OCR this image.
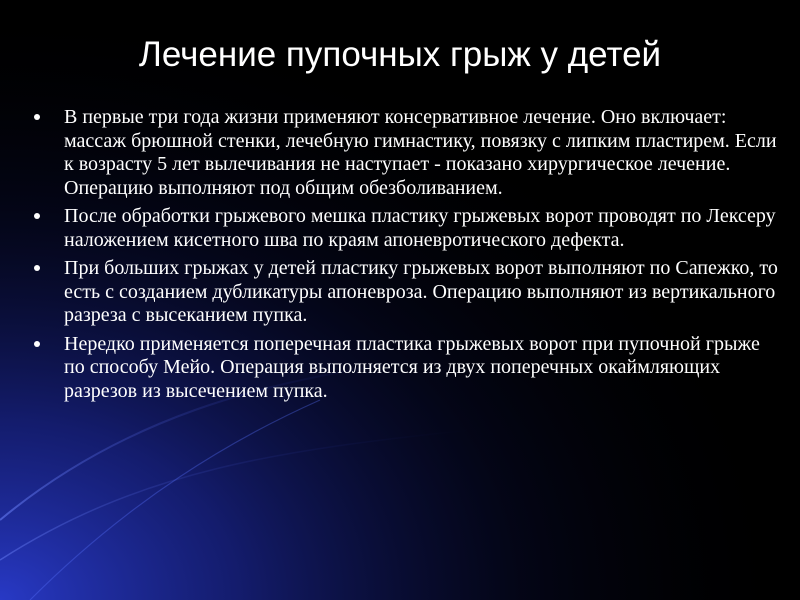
Лечение пупочных грыж у детей
В первые три года жизни применяют консервативное лечение. Оно включает: массаж брюшной стенки, лечебную гимнастику, повязку с липким пластирем. Если к возрасту 5 лет вылечивания не наступает - показано хирургическое лечение. Операцию выполняют под общим обезболиванием.
После обработки грыжевого мешка пластику грыжевых ворот проводят по Лексеру наложением кисетного шва по краям апоневротического дефекта.
При больших грыжах у детей пластику грыжевых ворот выполняют по Сапежко, то есть с созданием дубликатуры апоневроза. Операцию выполняют из вертикального разреза с высеканием пупка.
Нередко применяется поперечная пластика грыжевых ворот при пупочной грыже по способу Мейо. Операция выполняется из двух поперечных окаймляющих разрезов из высечением пупка.
